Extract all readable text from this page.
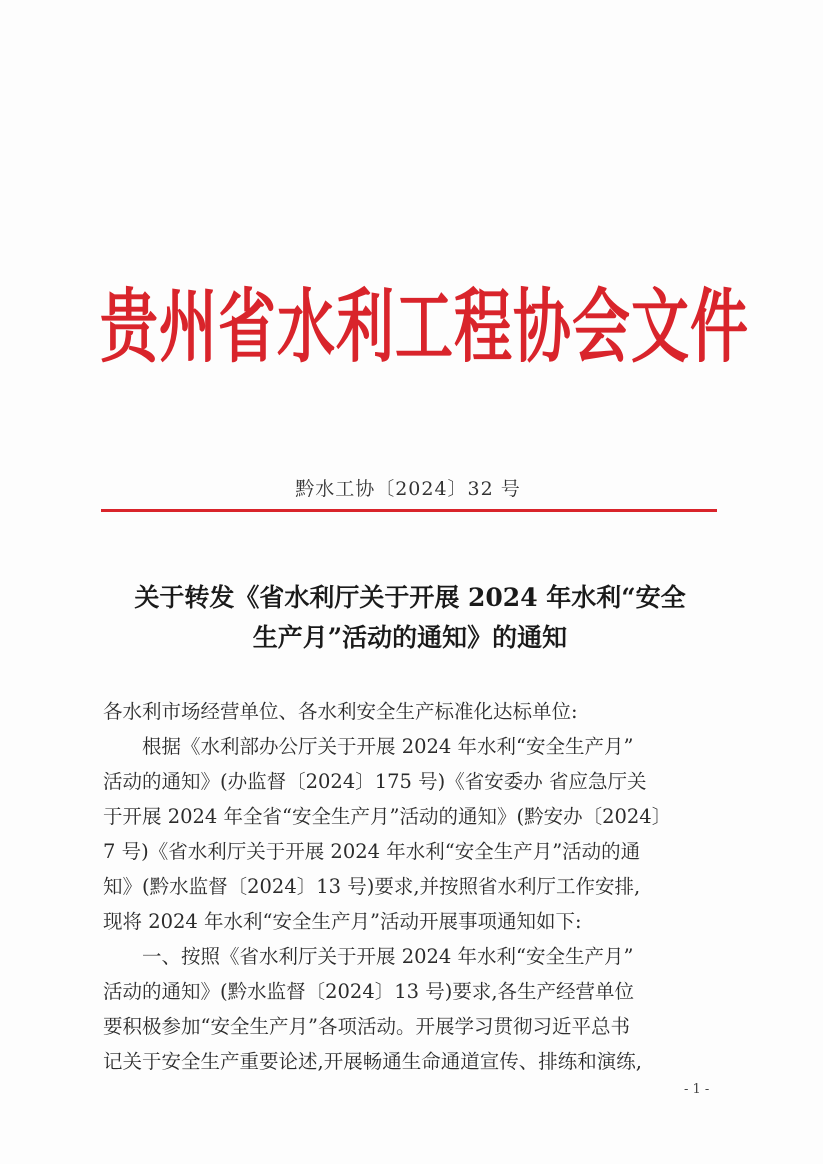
贵州省水利工程协会文件
黔水工协〔2024〕32 号
关于转发《省水利厅关于开展 2024 年水利“安全
生产月”活动的通知》的通知
各水利市场经营单位、各水利安全生产标准化达标单位:
根据《水利部办公厅关于开展 2024 年水利“安全生产月”
活动的通知》(办监督〔2024〕175 号)《省安委办 省应急厅关
于开展 2024 年全省“安全生产月”活动的通知》(黔安办〔2024〕
7 号)《省水利厅关于开展 2024 年水利“安全生产月”活动的通
知》(黔水监督〔2024〕13 号)要求,并按照省水利厅工作安排,
现将 2024 年水利“安全生产月”活动开展事项通知如下:
一、按照《省水利厅关于开展 2024 年水利“安全生产月”
活动的通知》(黔水监督〔2024〕13 号)要求,各生产经营单位
要积极参加“安全生产月”各项活动。开展学习贯彻习近平总书
记关于安全生产重要论述,开展畅通生命通道宣传、排练和演练,
- 1 -
